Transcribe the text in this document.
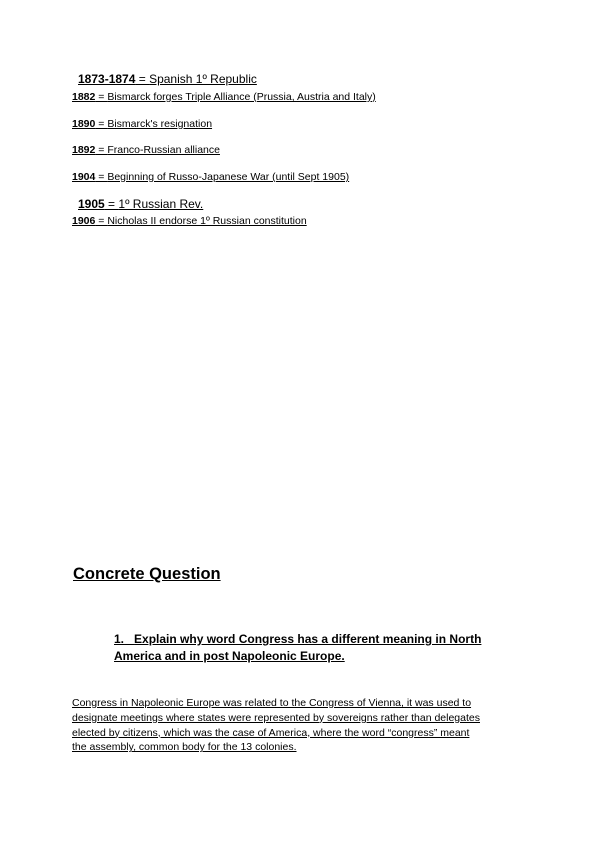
1873-1874 = Spanish 1º Republic
1882 = Bismarck forges Triple Alliance (Prussia, Austria and Italy)
1890 = Bismarck's resignation
1892 = Franco-Russian alliance
1904 = Beginning of Russo-Japanese War (until Sept 1905)
1905 = 1º Russian Rev.
1906 = Nicholas II endorse 1º Russian constitution
Concrete Question
1. Explain why word Congress has a different meaning in North America and in post Napoleonic Europe.
Congress in Napoleonic Europe was related to the Congress of Vienna, it was used to
designate meetings where states were represented by sovereigns rather than delegates
elected by citizens, which was the case of America, where the word “congress” meant
the assembly, common body for the 13 colonies.
